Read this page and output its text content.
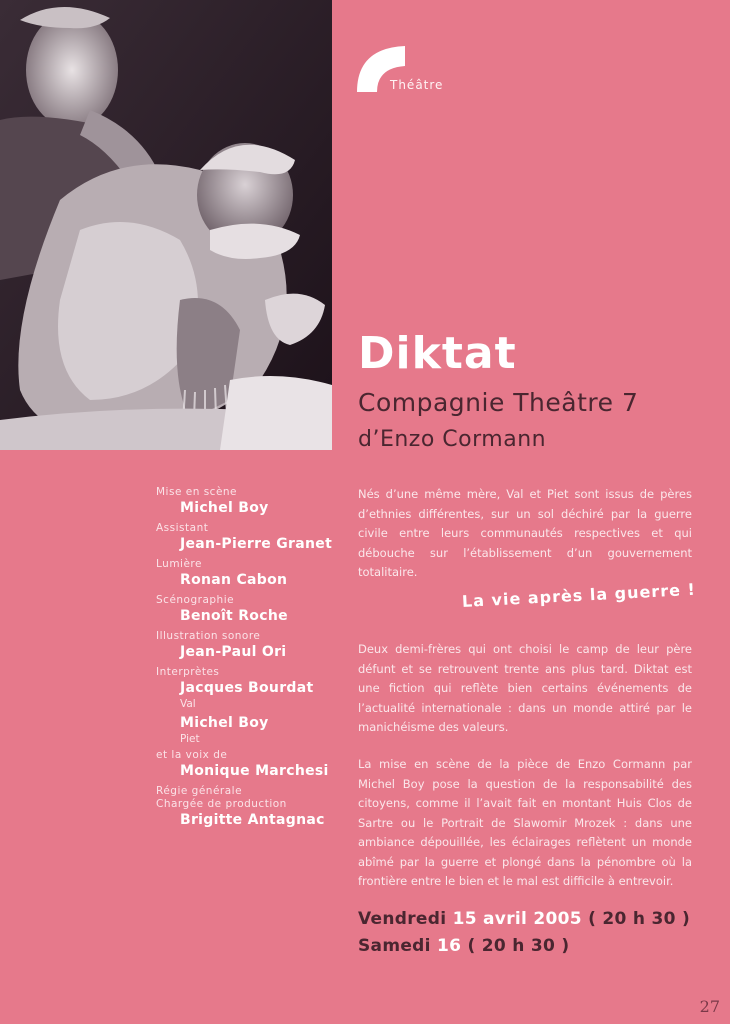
Théâtre
Diktat
Compagnie Theâtre 7
d’Enzo Cormann
Mise en scène
Michel Boy
Assistant
Jean-Pierre Granet
Lumière
Ronan Cabon
Scénographie
Benoît Roche
Illustration sonore
Jean-Paul Ori
Interprètes
Jacques Bourdat
Val
Michel Boy
Piet
et la voix de
Monique Marchesi
Régie générale
Chargée de production
Brigitte Antagnac

Nés d’une même mère, Val et Piet sont issus de pères d’ethnies différentes, sur un sol déchiré par la guerre civile entre leurs communautés respectives et qui débouche sur l’établissement d’un gouvernement totalitaire.

La vie après la guerre !

Deux demi-frères qui ont choisi le camp de leur père défunt et se retrouvent trente ans plus tard. Diktat est une fiction qui reflète bien certains événements de l’actualité internationale : dans un monde attiré par le manichéisme des valeurs.

La mise en scène de la pièce de Enzo Cormann par Michel Boy pose la question de la responsabilité des citoyens, comme il l’avait fait en montant Huis Clos de Sartre ou le Portrait de Slawomir Mrozek : dans une ambiance dépouillée, les éclairages reflètent un monde abîmé par la guerre et plongé dans la pénombre où la frontière entre le bien et le mal est difficile à entrevoir.

Vendredi 15 avril 2005 ( 20 h 30 )
Samedi 16 ( 20 h 30 )
27
